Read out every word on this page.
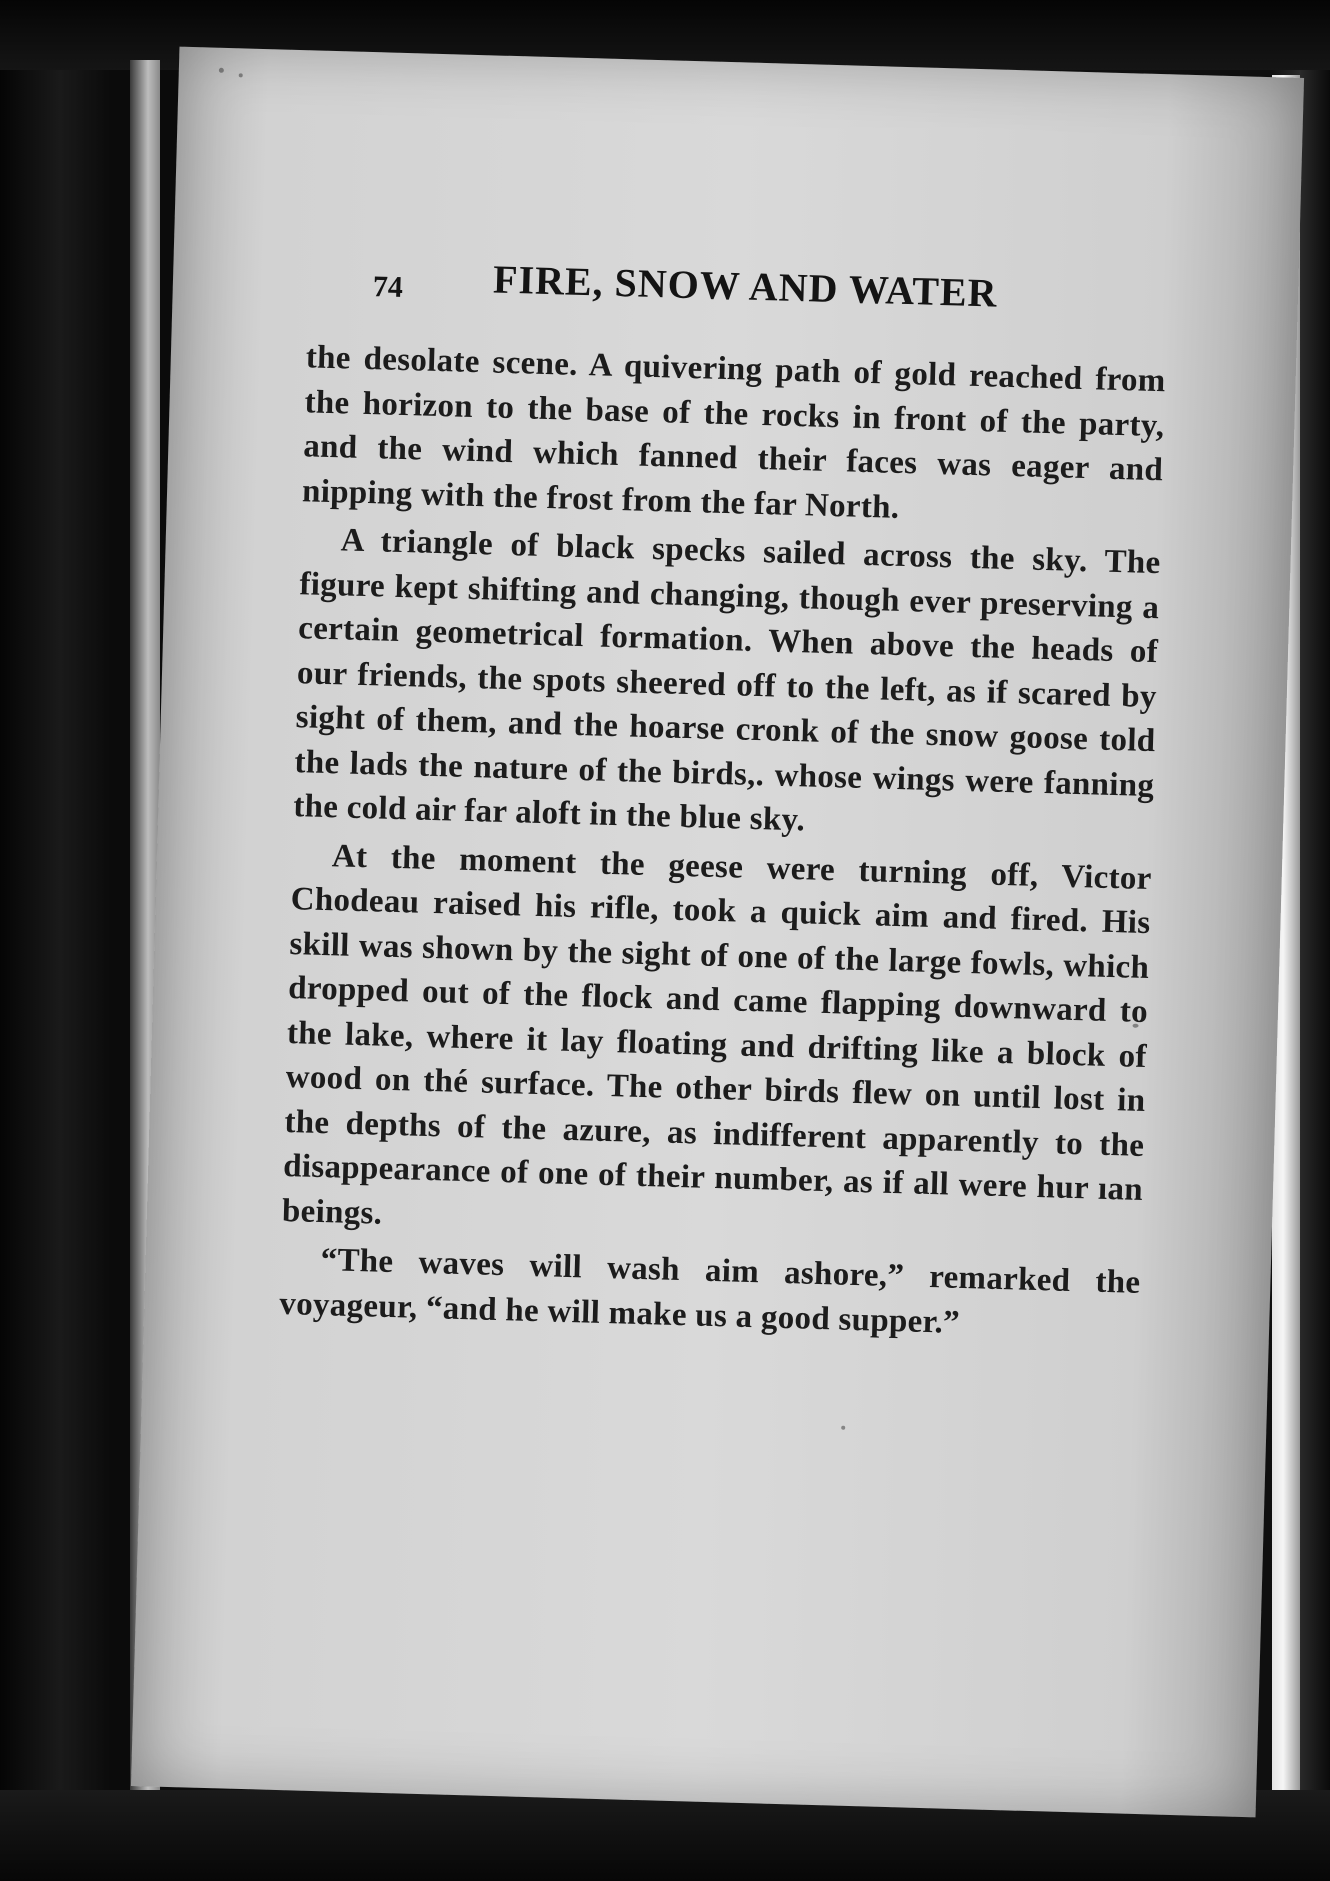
74 FIRE, SNOW AND WATER

the desolate scene. A quivering path of gold reached from the horizon to the base of the rocks in front of the party, and the wind which fanned their faces was eager and nipping with the frost from the far North.

A triangle of black specks sailed across the sky. The figure kept shifting and changing, though ever preserving a certain geometrical formation. When above the heads of our friends, the spots sheered off to the left, as if scared by sight of them, and the hoarse cronk of the snow goose told the lads the nature of the birds,. whose wings were fanning the cold air far aloft in the blue sky.

At the moment the geese were turning off, Victor Chodeau raised his rifle, took a quick aim and fired. His skill was shown by the sight of one of the large fowls, which dropped out of the flock and came flapping downward to the lake, where it lay floating and drifting like a block of wood on thé surface. The other birds flew on until lost in the depths of the azure, as indifferent apparently to the disappearance of one of their number, as if all were hur ıan beings.

“The waves will wash aim ashore,” remarked the voyageur, “and he will make us a good supper.”
